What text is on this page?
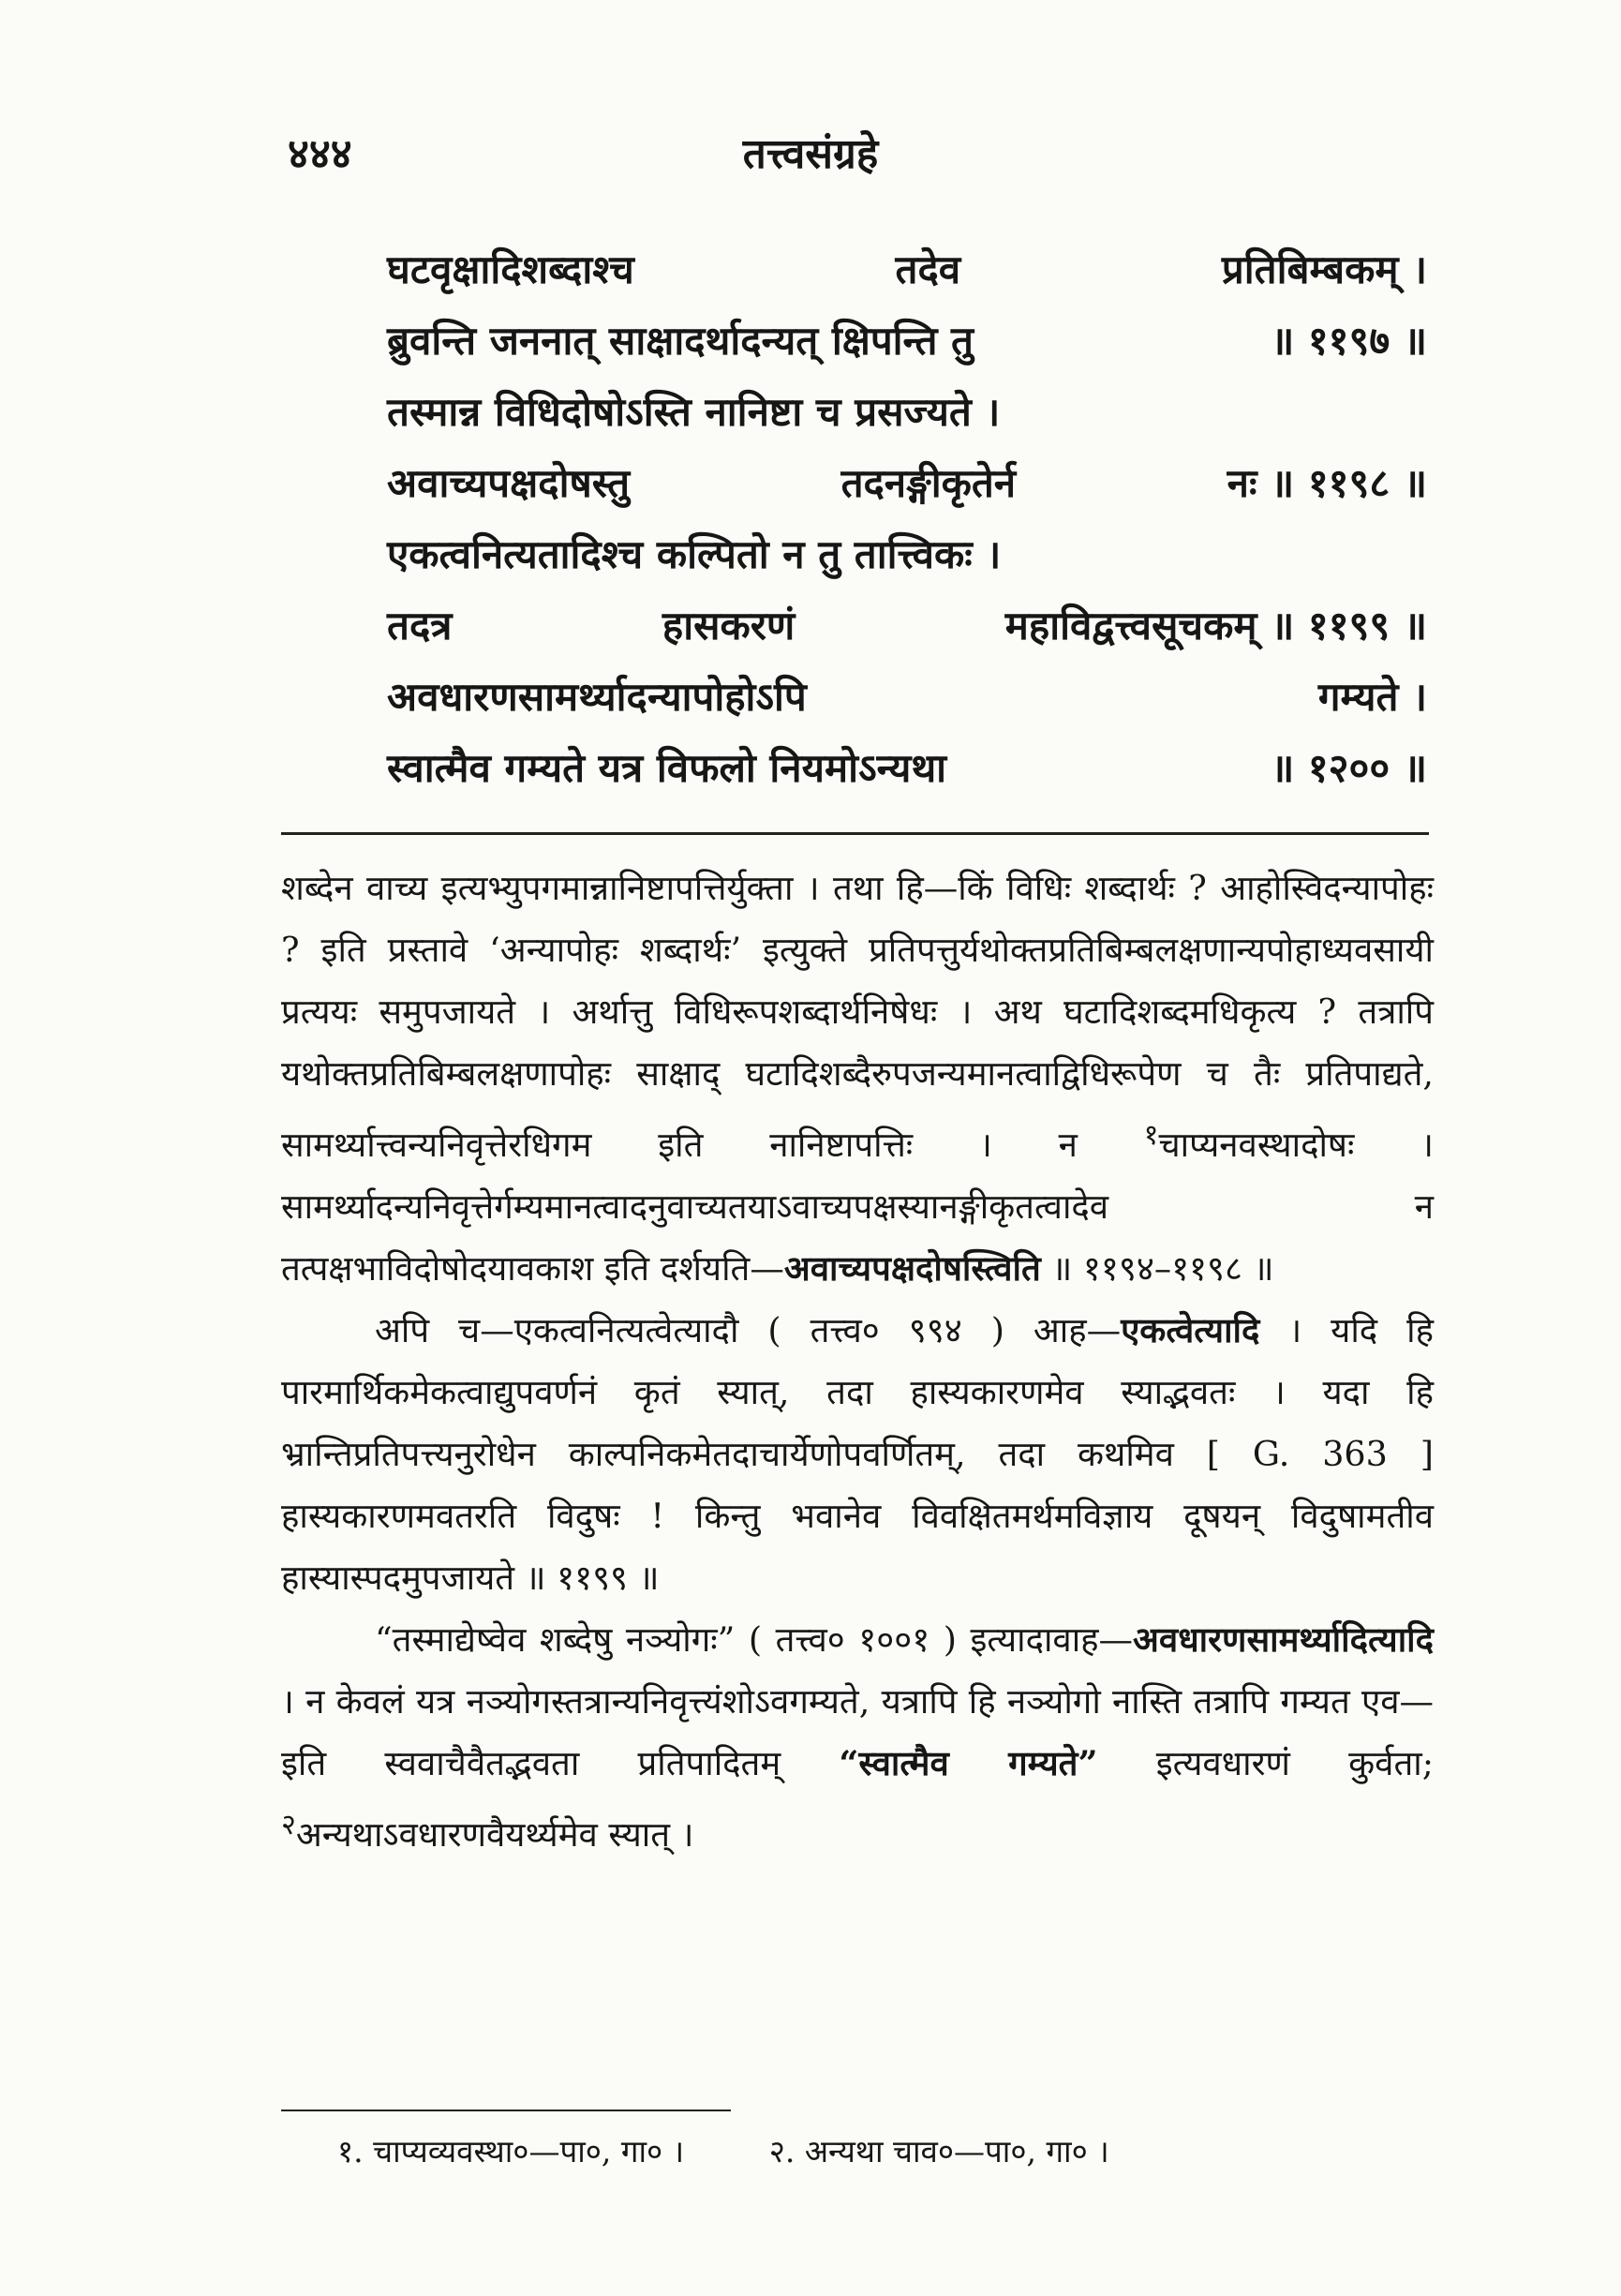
४४४	तत्त्वसंग्रहे
घटवृक्षादिशब्दाश्च	तदेव	प्रतिबिम्बकम् ।
ब्रुवन्ति जननात् साक्षादर्थादन्यत् क्षिपन्ति तु	॥ ११९७ ॥
तस्मान्न विधिदोषोऽस्ति नानिष्टा च प्रसज्यते ।
अवाच्यपक्षदोषस्तु	तदनङ्गीकृतेर्न	नः ॥ ११९८ ॥
एकत्वनित्यतादिश्च कल्पितो न तु तात्त्विकः ।
तदत्र	हासकरणं	महाविद्वत्त्वसूचकम् ॥ ११९९ ॥
अवधारणसामर्थ्यादन्यापोहोऽपि	गम्यते ।
स्वात्मैव गम्यते यत्र विफलो नियमोऽन्यथा	॥ १२०० ॥
शब्देन वाच्य इत्यभ्युपगमान्नानिष्टापत्तिर्युक्ता । तथा हि—किं विधिः शब्दार्थः ? आहोस्विदन्यापोहः ? इति प्रस्तावे ‘अन्यापोहः शब्दार्थः’ इत्युक्ते प्रतिपत्तुर्यथोक्तप्रतिबिम्बलक्षणान्यपोहाध्यवसायी प्रत्ययः समुपजायते । अर्थात्तु विधिरूपशब्दार्थनिषेधः । अथ घटादिशब्दमधिकृत्य ? तत्रापि यथोक्तप्रतिबिम्बलक्षणापोहः साक्षाद् घटादिशब्दैरुपजन्यमानत्वाद्विधिरूपेण च तैः प्रतिपाद्यते, सामर्थ्यात्त्वन्यनिवृत्तेरधिगम इति नानिष्टापत्तिः । न $^१$चाप्यनवस्थादोषः । सामर्थ्यादन्यनिवृत्तेर्गम्यमानत्वादनुवाच्यतयाऽवाच्यपक्षस्यानङ्गीकृतत्वादेव न तत्पक्षभाविदोषोदयावकाश इति दर्शयति—अवाच्यपक्षदोषस्त्विति ॥ ११९४–११९८ ॥
अपि च—एकत्वनित्यत्वेत्यादौ ( तत्त्व० ९९४ ) आह—एकत्वेत्यादि । यदि हि पारमार्थिकमेकत्वाद्युपवर्णनं कृतं स्यात्, तदा हास्यकारणमेव स्याद्भवतः । यदा हि भ्रान्तिप्रतिपत्त्यनुरोधेन काल्पनिकमेतदाचार्येणोपवर्णितम्, तदा कथमिव [ G. 363 ] हास्यकारणमवतरति विदुषः ! किन्तु भवानेव विवक्षितमर्थमविज्ञाय दूषयन् विदुषामतीव हास्यास्पदमुपजायते ॥ ११९९ ॥
“तस्माद्येष्वेव शब्देषु नञ्योगः” ( तत्त्व० १००१ ) इत्यादावाह—अवधारणसामर्थ्यादित्यादि । न केवलं यत्र नञ्योगस्तत्रान्यनिवृत्त्यंशोऽवगम्यते, यत्रापि हि नञ्योगो नास्ति तत्रापि गम्यत एव—इति स्ववाचैवैतद्भवता प्रतिपादितम् “स्वात्मैव गम्यते” इत्यवधारणं कुर्वता; $^२$अन्यथाऽवधारणवैयर्थ्यमेव स्यात् ।
१. चाप्यव्यवस्था०—पा०, गा० ।	२. अन्यथा चाव०—पा०, गा० ।
